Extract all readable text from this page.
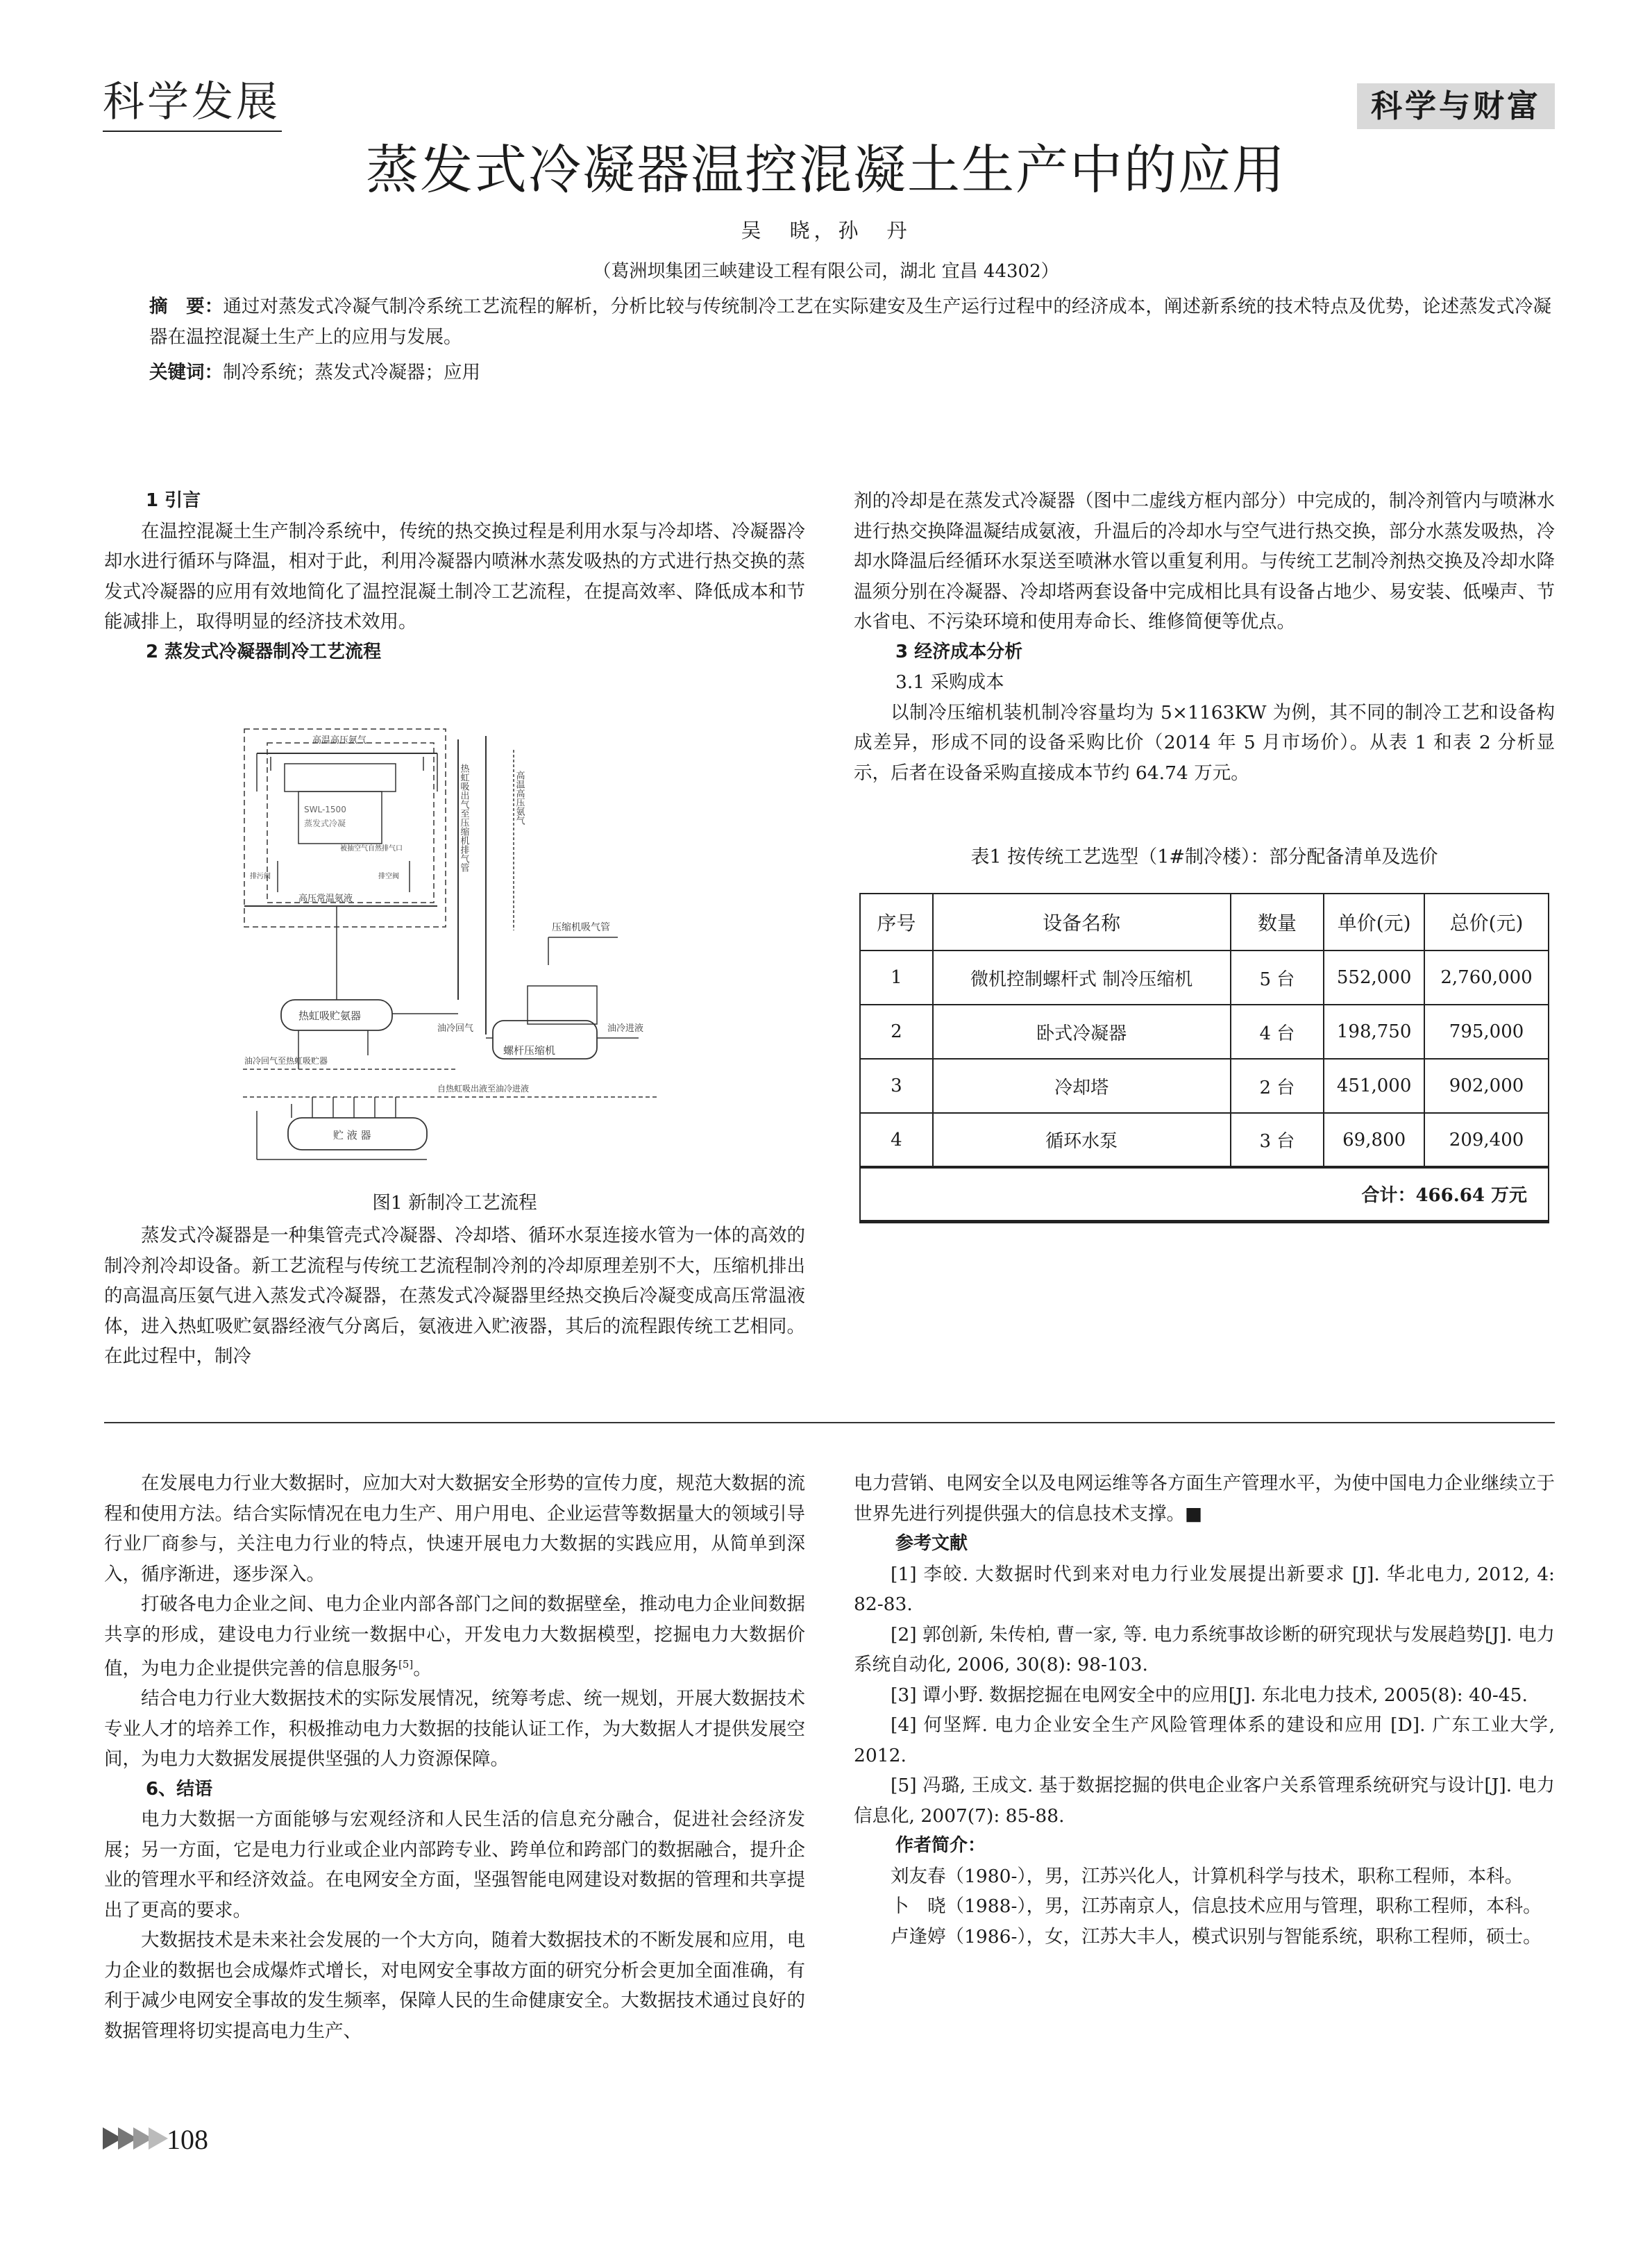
科学发展	科学与财富
蒸发式冷凝器温控混凝土生产中的应用
吴　晓，孙　丹
（葛洲坝集团三峡建设工程有限公司，湖北 宜昌 44302）
摘　要：通过对蒸发式冷凝气制冷系统工艺流程的解析，分析比较与传统制冷工艺在实际建安及生产运行过程中的经济成本，阐述新系统的技术特点及优势，论述蒸发式冷凝器在温控混凝土生产上的应用与发展。
关键词：制冷系统；蒸发式冷凝器；应用
1 引言
在温控混凝土生产制冷系统中，传统的热交换过程是利用水泵与冷却塔、冷凝器冷却水进行循环与降温，相对于此，利用冷凝器内喷淋水蒸发吸热的方式进行热交换的蒸发式冷凝器的应用有效地简化了温控混凝土制冷工艺流程，在提高效率、降低成本和节能减排上，取得明显的经济技术效用。
2 蒸发式冷凝器制冷工艺流程
高温高压氨气
SWL-1500
蒸发式冷凝
被抽空气自然排气口
排污阀	排空阀
高压常温氨液
热虹吸出气至压缩机排气管	高温高压氨气
压缩机吸气管
热虹吸贮氨器
螺杆压缩机
油冷回气	油冷进液
油冷回气至热虹吸贮器
自热虹吸出液至油冷进液
贮 液 器
图1 新制冷工艺流程
蒸发式冷凝器是一种集管壳式冷凝器、冷却塔、循环水泵连接水管为一体的高效的制冷剂冷却设备。新工艺流程与传统工艺流程制冷剂的冷却原理差别不大，压缩机排出的高温高压氨气进入蒸发式冷凝器，在蒸发式冷凝器里经热交换后冷凝变成高压常温液体，进入热虹吸贮氨器经液气分离后，氨液进入贮液器，其后的流程跟传统工艺相同。在此过程中，制冷
剂的冷却是在蒸发式冷凝器（图中二虚线方框内部分）中完成的，制冷剂管内与喷淋水进行热交换降温凝结成氨液，升温后的冷却水与空气进行热交换，部分水蒸发吸热，冷却水降温后经循环水泵送至喷淋水管以重复利用。与传统工艺制冷剂热交换及冷却水降温须分别在冷凝器、冷却塔两套设备中完成相比具有设备占地少、易安装、低噪声、节水省电、不污染环境和使用寿命长、维修简便等优点。
3 经济成本分析
3.1 采购成本
以制冷压缩机装机制冷容量均为 5×1163KW 为例，其不同的制冷工艺和设备构成差异，形成不同的设备采购比价（2014 年 5 月市场价）。从表 1 和表 2 分析显示，后者在设备采购直接成本节约 64.74 万元。
表1 按传统工艺选型（1#制冷楼）：部分配备清单及选价
序号	设备名称	数量	单价(元)	总价(元)
1	微机控制螺杆式 制冷压缩机	5 台	552,000	2,760,000
2	卧式冷凝器	4 台	198,750	795,000
3	冷却塔	2 台	451,000	902,000
4	循环水泵	3 台	69,800	209,400
合计：466.64 万元				
在发展电力行业大数据时，应加大对大数据安全形势的宣传力度，规范大数据的流程和使用方法。结合实际情况在电力生产、用户用电、企业运营等数据量大的领域引导行业厂商参与，关注电力行业的特点，快速开展电力大数据的实践应用，从简单到深入，循序渐进，逐步深入。
打破各电力企业之间、电力企业内部各部门之间的数据壁垒，推动电力企业间数据共享的形成，建设电力行业统一数据中心，开发电力大数据模型，挖掘电力大数据价值，为电力企业提供完善的信息服务[5]。
结合电力行业大数据技术的实际发展情况，统筹考虑、统一规划，开展大数据技术专业人才的培养工作，积极推动电力大数据的技能认证工作，为大数据人才提供发展空间，为电力大数据发展提供坚强的人力资源保障。
6、结语
电力大数据一方面能够与宏观经济和人民生活的信息充分融合，促进社会经济发展；另一方面，它是电力行业或企业内部跨专业、跨单位和跨部门的数据融合，提升企业的管理水平和经济效益。在电网安全方面，坚强智能电网建设对数据的管理和共享提出了更高的要求。
大数据技术是未来社会发展的一个大方向，随着大数据技术的不断发展和应用，电力企业的数据也会成爆炸式增长，对电网安全事故方面的研究分析会更加全面准确，有利于减少电网安全事故的发生频率，保障人民的生命健康安全。大数据技术通过良好的数据管理将切实提高电力生产、
电力营销、电网安全以及电网运维等各方面生产管理水平，为使中国电力企业继续立于世界先进行列提供强大的信息技术支撑。■
参考文献
[1] 李皎. 大数据时代到来对电力行业发展提出新要求 [J]. 华北电力, 2012, 4: 82-83.
[2] 郭创新, 朱传柏, 曹一家, 等. 电力系统事故诊断的研究现状与发展趋势[J]. 电力系统自动化, 2006, 30(8): 98-103.
[3] 谭小野. 数据挖掘在电网安全中的应用[J]. 东北电力技术, 2005(8): 40-45.
[4] 何坚辉. 电力企业安全生产风险管理体系的建设和应用 [D]. 广东工业大学, 2012.
[5] 冯璐, 王成文. 基于数据挖掘的供电企业客户关系管理系统研究与设计[J]. 电力信息化, 2007(7): 85-88.
作者简介：
刘友春（1980-），男，江苏兴化人，计算机科学与技术，职称工程师，本科。
卜　晓（1988-），男，江苏南京人，信息技术应用与管理，职称工程师，本科。
卢逢婷（1986-），女，江苏大丰人，模式识别与智能系统，职称工程师，硕士。
108
